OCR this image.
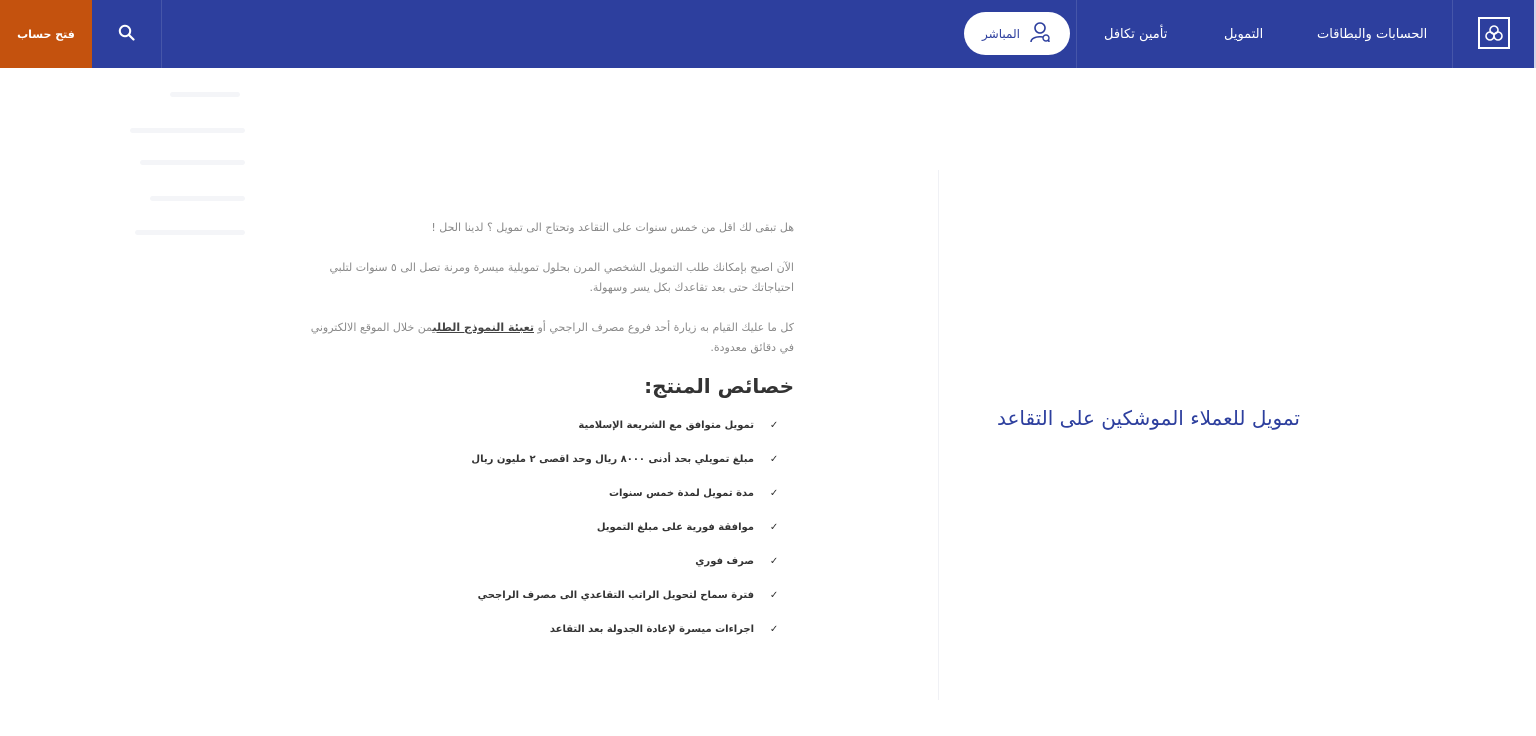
فتح حساب	المباشر	تأمين تكافل	التمويل	الحسابات والبطاقات
تمويل للعملاء الموشكين على التقاعد

هل تبقى لك اقل من خمس سنوات على التقاعد وتحتاج الى تمويل ؟ لدينا الحل !

الآن اصبح بإمكانك طلب التمويل الشخصي المرن بحلول تمويلية ميسرة ومرنة تصل الى ٥ سنوات لتلبي احتياجاتك حتى بعد تقاعدك بكل يسر وسهولة.

كل ما عليك القيام به زيارة أحد فروع مصرف الراجحي أو تعبئة النموذج الطلبمن خلال الموقع الالكتروني في دقائق معدودة.

خصائص المنتج:
✓
تمويل متوافق مع الشريعة الإسلامية
✓
مبلغ تمويلي بحد أدنى ٨٠٠٠ ريال وحد اقصى ٢ مليون ريال
✓
مدة تمويل لمدة خمس سنوات
✓
موافقة فورية على مبلغ التمويل
✓
صرف فوري
✓
فترة سماح لتحويل الراتب التقاعدي الى مصرف الراجحي
✓
اجراءات ميسرة لإعادة الجدولة بعد التقاعد
